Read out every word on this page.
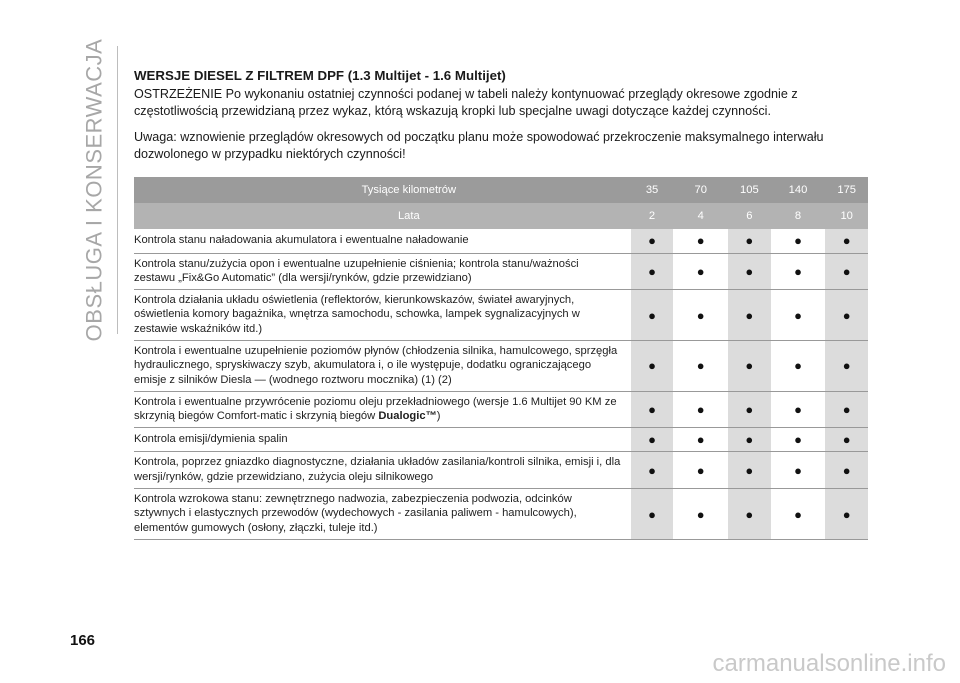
OBSŁUGA I KONSERWACJA WERSJE DIESEL Z FILTREM DPF (1.3 Multijet - 1.6 Multijet)

OSTRZEŻENIE Po wykonaniu ostatniej czynności podanej w tabeli należy kontynuować przeglądy okresowe zgodnie z częstotliwością przewidzianą przez wykaz, którą wskazują kropki lub specjalne uwagi dotyczące każdej czynności.

Uwaga: wznowienie przeglądów okresowych od początku planu może spowodować przekroczenie maksymalnego interwału dozwolonego w przypadku niektórych czynności!

Tysiące kilometrów		35		70		105		140		175
Lata		2		4		6		8		10
Kontrola stanu naładowania akumulatora i ewentualne naładowanie		●		●		●		●		●
Kontrola stanu/zużycia opon i ewentualne uzupełnienie ciśnienia; kontrola stanu/ważności zestawu „Fix&Go Automatic” (dla wersji/rynków, gdzie przewidziano)		●		●		●		●		●
Kontrola działania układu oświetlenia (reflektorów, kierunkowskazów, świateł awaryjnych, oświetlenia komory bagażnika, wnętrza samochodu, schowka, lampek sygnalizacyjnych w zestawie wskaźników itd.)		●		●		●		●		●
Kontrola i ewentualne uzupełnienie poziomów płynów (chłodzenia silnika, hamulcowego, sprzęgła hydraulicznego, spryskiwaczy szyb, akumulatora i, o ile występuje, dodatku ograniczającego emisje z silników Diesla — (wodnego roztworu mocznika) (1) (2)		●		●		●		●		●
Kontrola i ewentualne przywrócenie poziomu oleju przekładniowego (wersje 1.6 Multijet 90 KM ze skrzynią biegów Comfort-matic i skrzynią biegów Dualogic™)		●		●		●		●		●
Kontrola emisji/dymienia spalin		●		●		●		●		●
Kontrola, poprzez gniazdko diagnostyczne, działania układów zasilania/kontroli silnika, emisji i, dla wersji/rynków, gdzie przewidziano, zużycia oleju silnikowego		●		●		●		●		●
Kontrola wzrokowa stanu: zewnętrznego nadwozia, zabezpieczenia podwozia, odcinków sztywnych i elastycznych przewodów (wydechowych - zasilania paliwem - hamulcowych), elementów gumowych (osłony, złączki, tuleje itd.)		●		●		●		●		●
166
carmanualsonline.info
